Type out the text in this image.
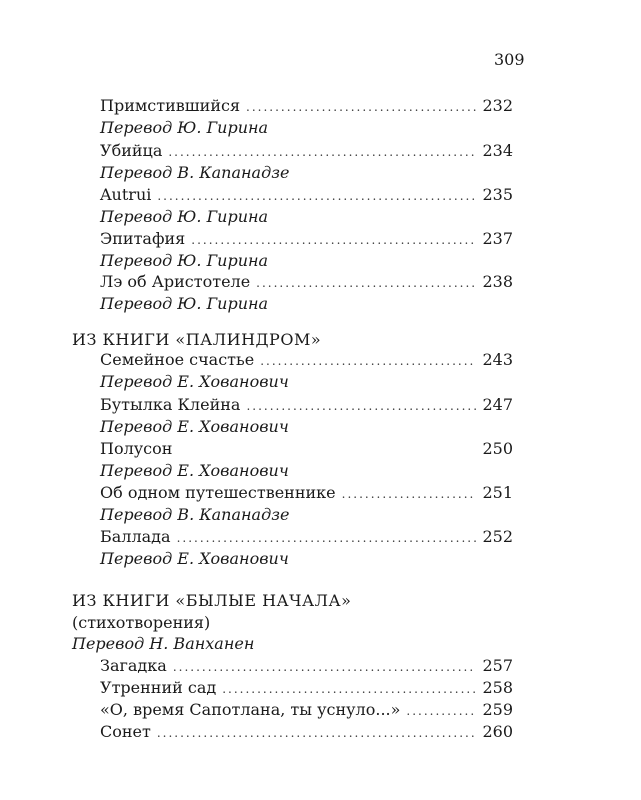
309
Примстившийся .....	232
Перевод Ю. Гирина
Убийца .....	234
Перевод В. Капанадзе
Autrui .....	235
Перевод Ю. Гирина
Эпитафия .....	237
Перевод Ю. Гирина
Лэ об Аристотеле .....	238
Перевод Ю. Гирина
ИЗ КНИГИ «ПАЛИНДРОМ»
Семейное счастье .....	243
Перевод Е. Хованович
Бутылка Клейна .....	247
Перевод Е. Хованович
Полусон	250
Перевод Е. Хованович
Об одном путешественнике .....	251
Перевод В. Капанадзе
Баллада .....	252
Перевод Е. Хованович
ИЗ КНИГИ «БЫЛЫЕ НАЧАЛА»
(стихотворения)
Перевод Н. Ванханен
Загадка .....	257
Утренний сад .....	258
«О, время Сапотлана, ты уснуло...» .....	259
Сонет .....	260
